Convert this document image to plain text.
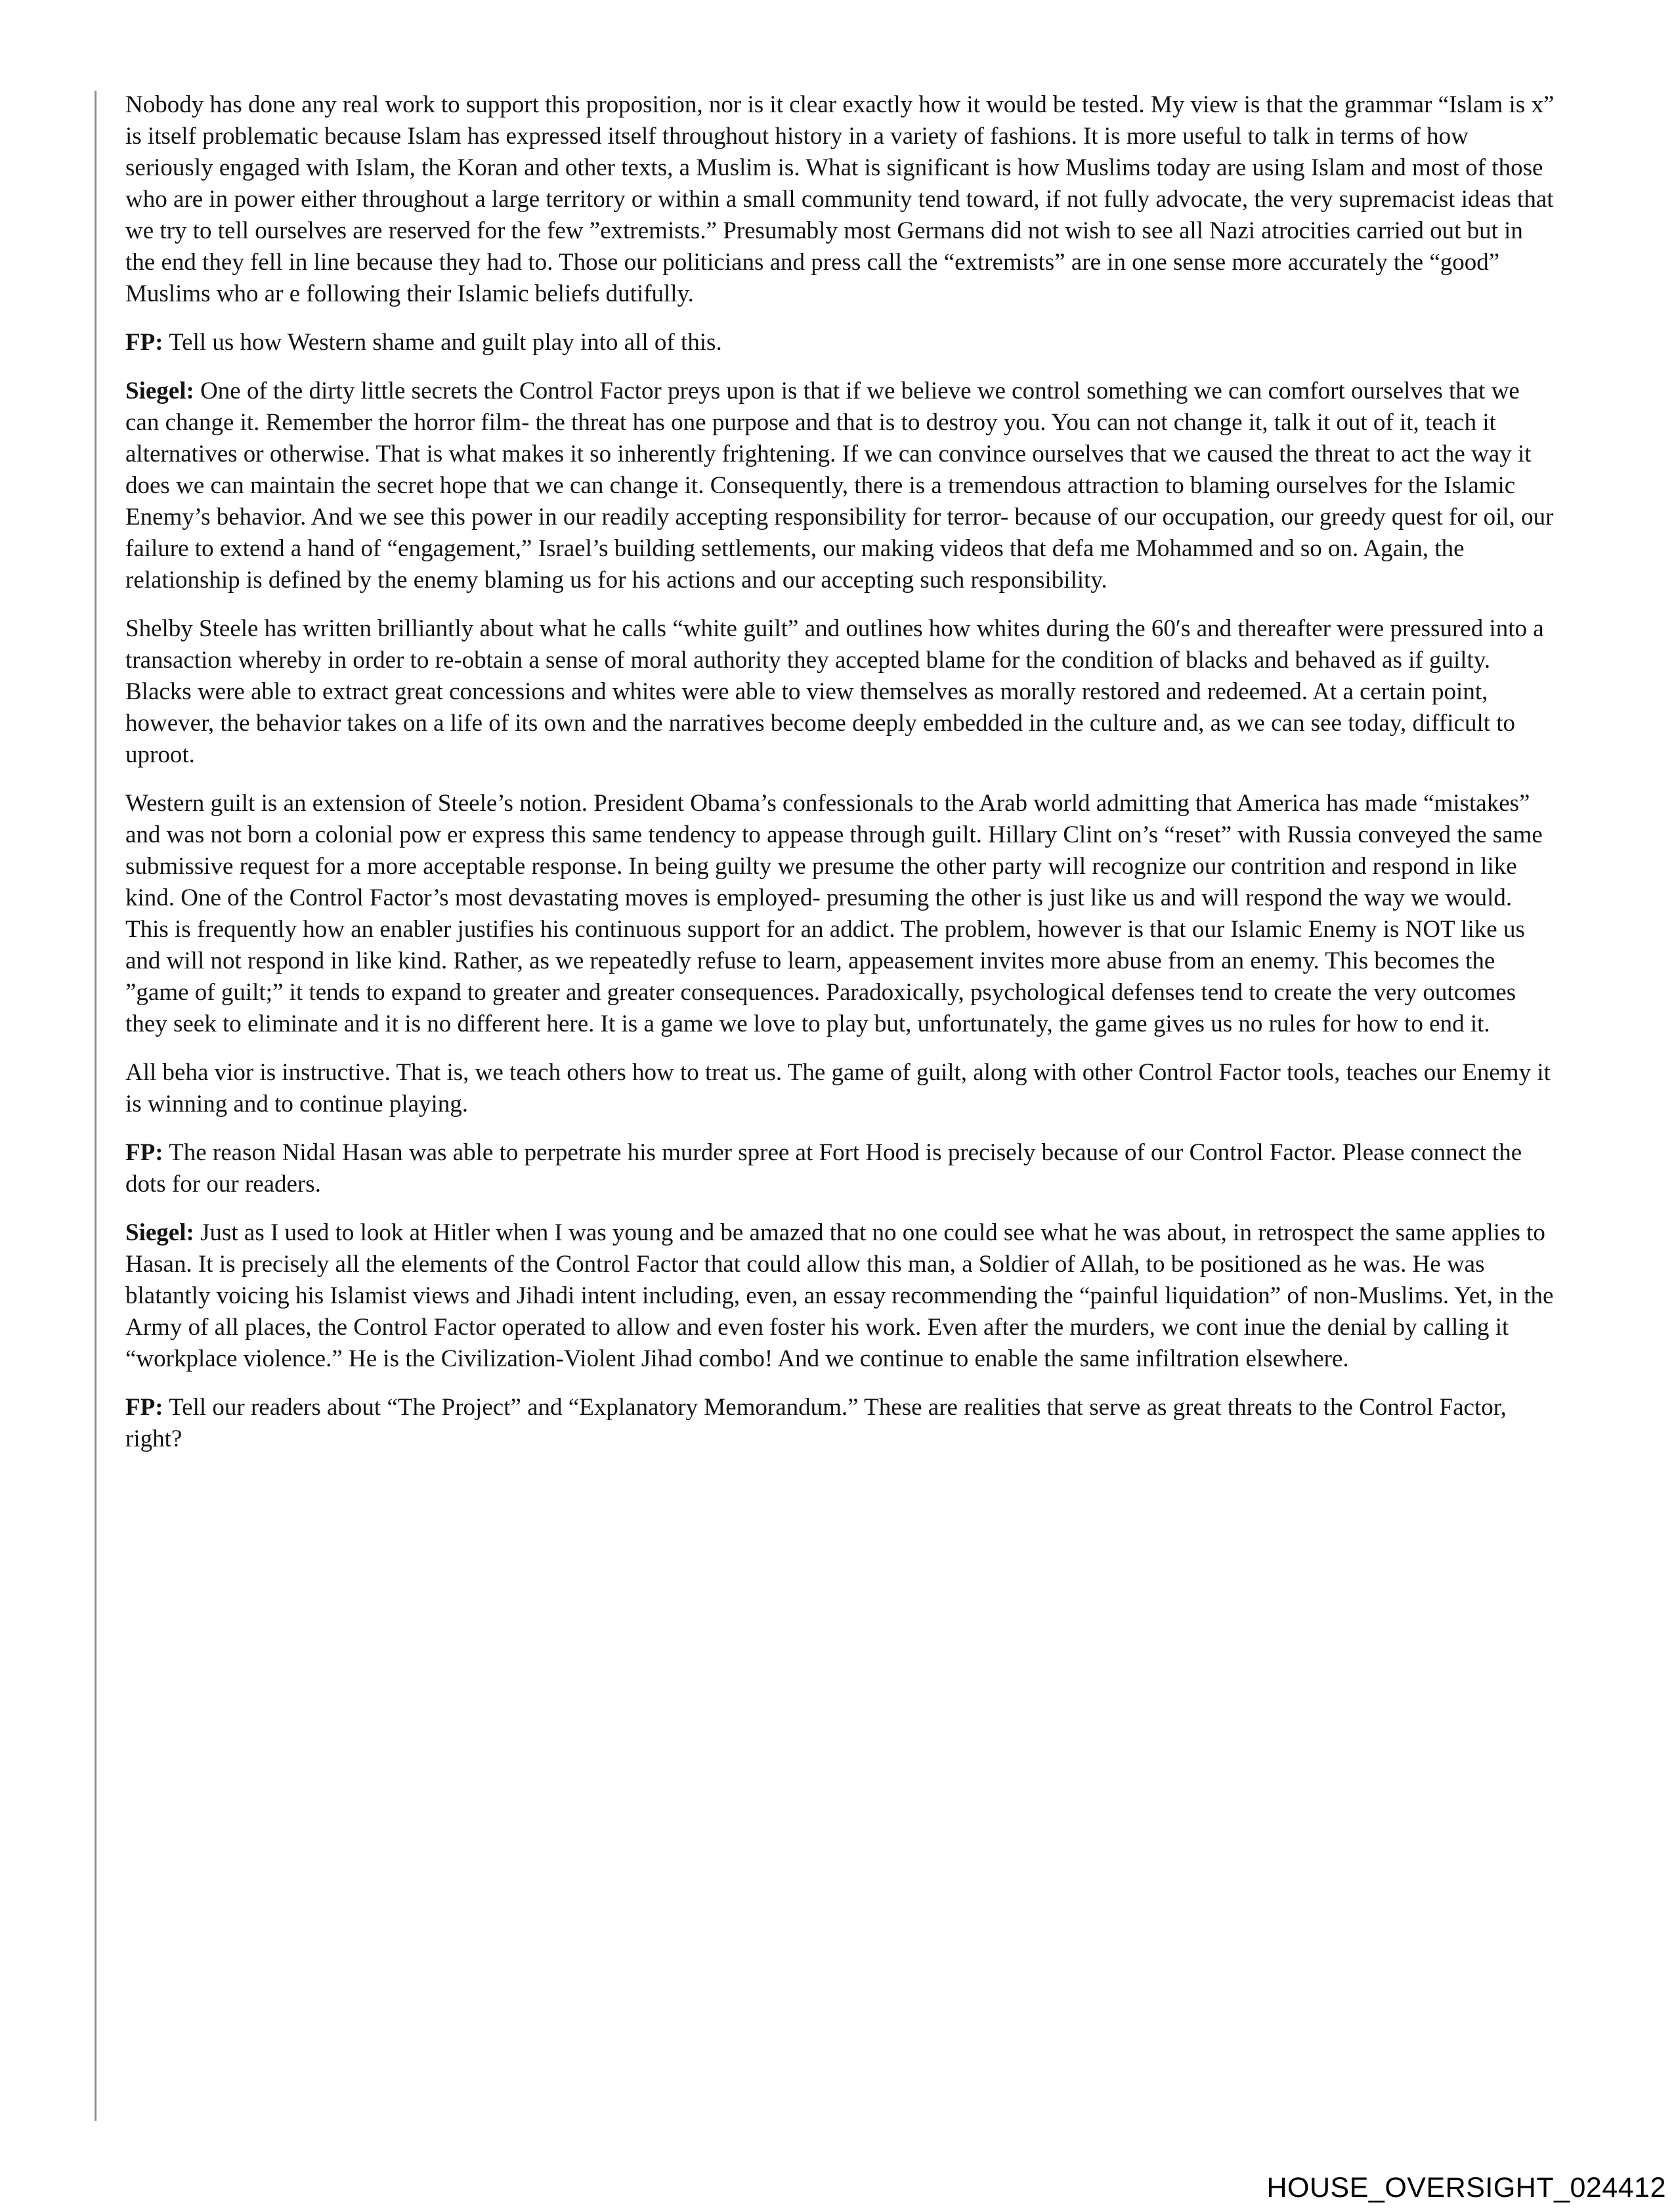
Nobody has done any real work to support this proposition, nor is it clear exactly how it would be tested. My view is that the grammar “Islam is x” is itself problematic because Islam has expressed itself throughout history in a variety of fashions. It is more useful to talk in terms of how seriously engaged with Islam, the Koran and other texts, a Muslim is. What is significant is how Muslims today are using Islam and most of those who are in power either throughout a large territory or within a small community tend toward, if not fully advocate, the very supremacist ideas that we try to tell ourselves are reserved for the few ”extremists.” Presumably most Germans did not wish to see all Nazi atrocities carried out but in the end they fell in line because they had to. Those our politicians and press call the “extremists” are in one sense more accurately the “good” Muslims who ar e following their Islamic beliefs dutifully.

FP: Tell us how Western shame and guilt play into all of this.

Siegel: One of the dirty little secrets the Control Factor preys upon is that if we believe we control something we can comfort ourselves that we can change it. Remember the horror film- the threat has one purpose and that is to destroy you. You can not change it, talk it out of it, teach it alternatives or otherwise. That is what makes it so inherently frightening. If we can convince ourselves that we caused the threat to act the way it does we can maintain the secret hope that we can change it. Consequently, there is a tremendous attraction to blaming ourselves for the Islamic Enemy’s behavior. And we see this power in our readily accepting responsibility for terror- because of our occupation, our greedy quest for oil, our failure to extend a hand of “engagement,” Israel’s building settlements, our making videos that defa me Mohammed and so on. Again, the relationship is defined by the enemy blaming us for his actions and our accepting such responsibility.

Shelby Steele has written brilliantly about what he calls “white guilt” and outlines how whites during the 60′s and thereafter were pressured into a transaction whereby in order to re-obtain a sense of moral authority they accepted blame for the condition of blacks and behaved as if guilty. Blacks were able to extract great concessions and whites were able to view themselves as morally restored and redeemed. At a certain point, however, the behavior takes on a life of its own and the narratives become deeply embedded in the culture and, as we can see today, difficult to uproot.

Western guilt is an extension of Steele’s notion. President Obama’s confessionals to the Arab world admitting that America has made “mistakes” and was not born a colonial pow er express this same tendency to appease through guilt. Hillary Clint on’s “reset” with Russia conveyed the same submissive request for a more acceptable response. In being guilty we presume the other party will recognize our contrition and respond in like kind. One of the Control Factor’s most devastating moves is employed- presuming the other is just like us and will respond the way we would. This is frequently how an enabler justifies his continuous support for an addict. The problem, however is that our Islamic Enemy is NOT like us and will not respond in like kind. Rather, as we repeatedly refuse to learn, appeasement invites more abuse from an enemy. This becomes the ”game of guilt;” it tends to expand to greater and greater consequences. Paradoxically, psychological defenses tend to create the very outcomes they seek to eliminate and it is no different here. It is a game we love to play but, unfortunately, the game gives us no rules for how to end it.

All beha vior is instructive. That is, we teach others how to treat us. The game of guilt, along with other Control Factor tools, teaches our Enemy it is winning and to continue playing.

FP: The reason Nidal Hasan was able to perpetrate his murder spree at Fort Hood is precisely because of our Control Factor. Please connect the dots for our readers.

Siegel: Just as I used to look at Hitler when I was young and be amazed that no one could see what he was about, in retrospect the same applies to Hasan. It is precisely all the elements of the Control Factor that could allow this man, a Soldier of Allah, to be positioned as he was. He was blatantly voicing his Islamist views and Jihadi intent including, even, an essay recommending the “painful liquidation” of non-Muslims. Yet, in the Army of all places, the Control Factor operated to allow and even foster his work. Even after the murders, we cont inue the denial by calling it “workplace violence.” He is the Civilization-Violent Jihad combo! And we continue to enable the same infiltration elsewhere.

FP: Tell our readers about “The Project” and “Explanatory Memorandum.” These are realities that serve as great threats to the Control Factor, right?

HOUSE_OVERSIGHT_024412
